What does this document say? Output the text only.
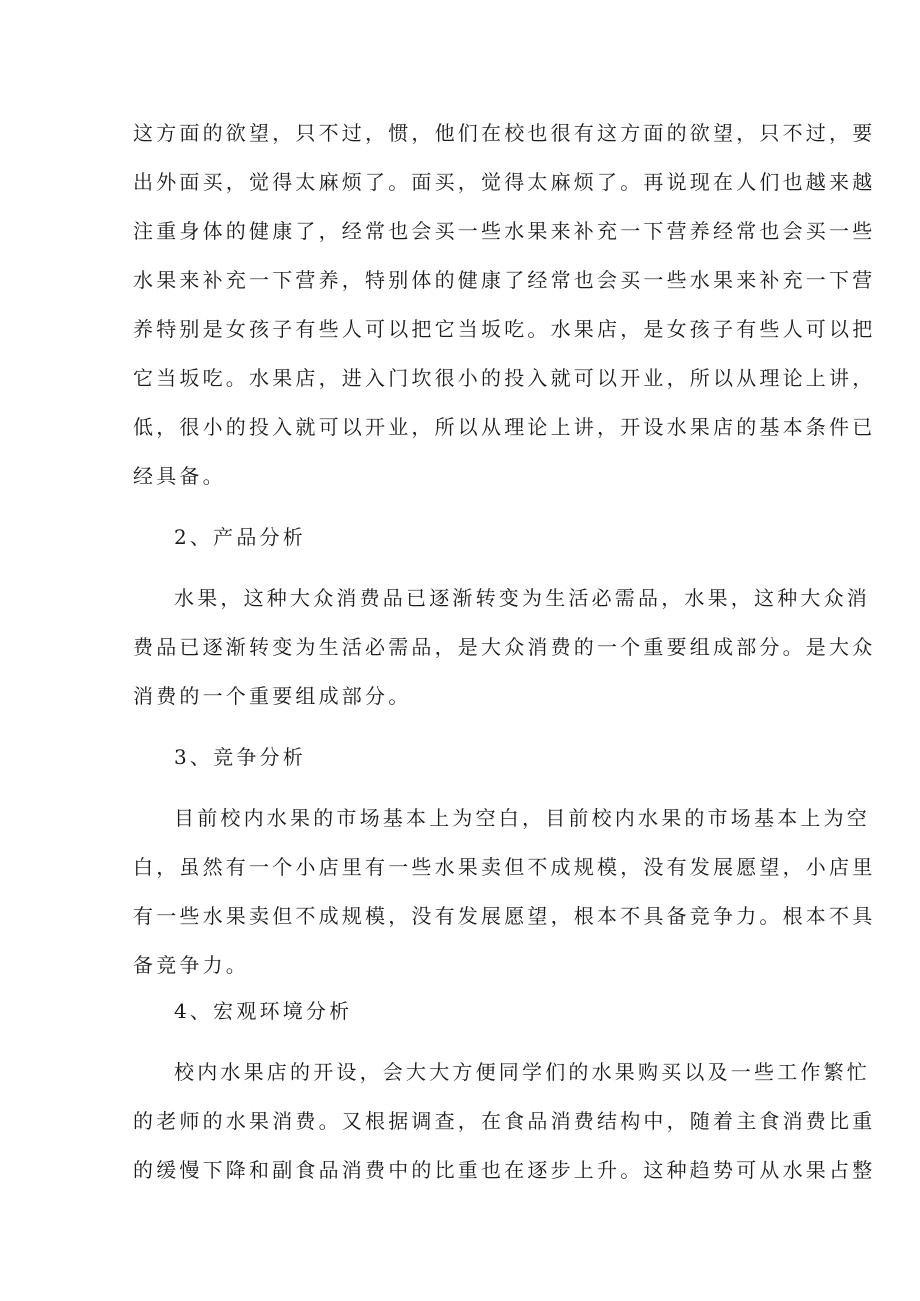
这方面的欲望，只不过，惯，他们在校也很有这方面的欲望，只不过，要

出外面买，觉得太麻烦了。面买，觉得太麻烦了。再说现在人们也越来越

注重身体的健康了，经常也会买一些水果来补充一下营养经常也会买一些

水果来补充一下营养，特别体的健康了经常也会买一些水果来补充一下营

养特别是女孩子有些人可以把它当坂吃。水果店，是女孩子有些人可以把

它当坂吃。水果店，进入门坎很小的投入就可以开业，所以从理论上讲，

低，很小的投入就可以开业，所以从理论上讲，开设水果店的基本条件已

经具备。

2、产品分析

水果，这种大众消费品已逐渐转变为生活必需品，水果，这种大众消

费品已逐渐转变为生活必需品，是大众消费的一个重要组成部分。是大众

消费的一个重要组成部分。

3、竞争分析

目前校内水果的市场基本上为空白，目前校内水果的市场基本上为空

白，虽然有一个小店里有一些水果卖但不成规模，没有发展愿望，小店里

有一些水果卖但不成规模，没有发展愿望，根本不具备竞争力。根本不具

备竞争力。

4、宏观环境分析

校内水果店的开设，会大大方便同学们的水果购买以及一些工作繁忙

的老师的水果消费。又根据调查，在食品消费结构中，随着主食消费比重

的缓慢下降和副食品消费中的比重也在逐步上升。这种趋势可从水果占整
